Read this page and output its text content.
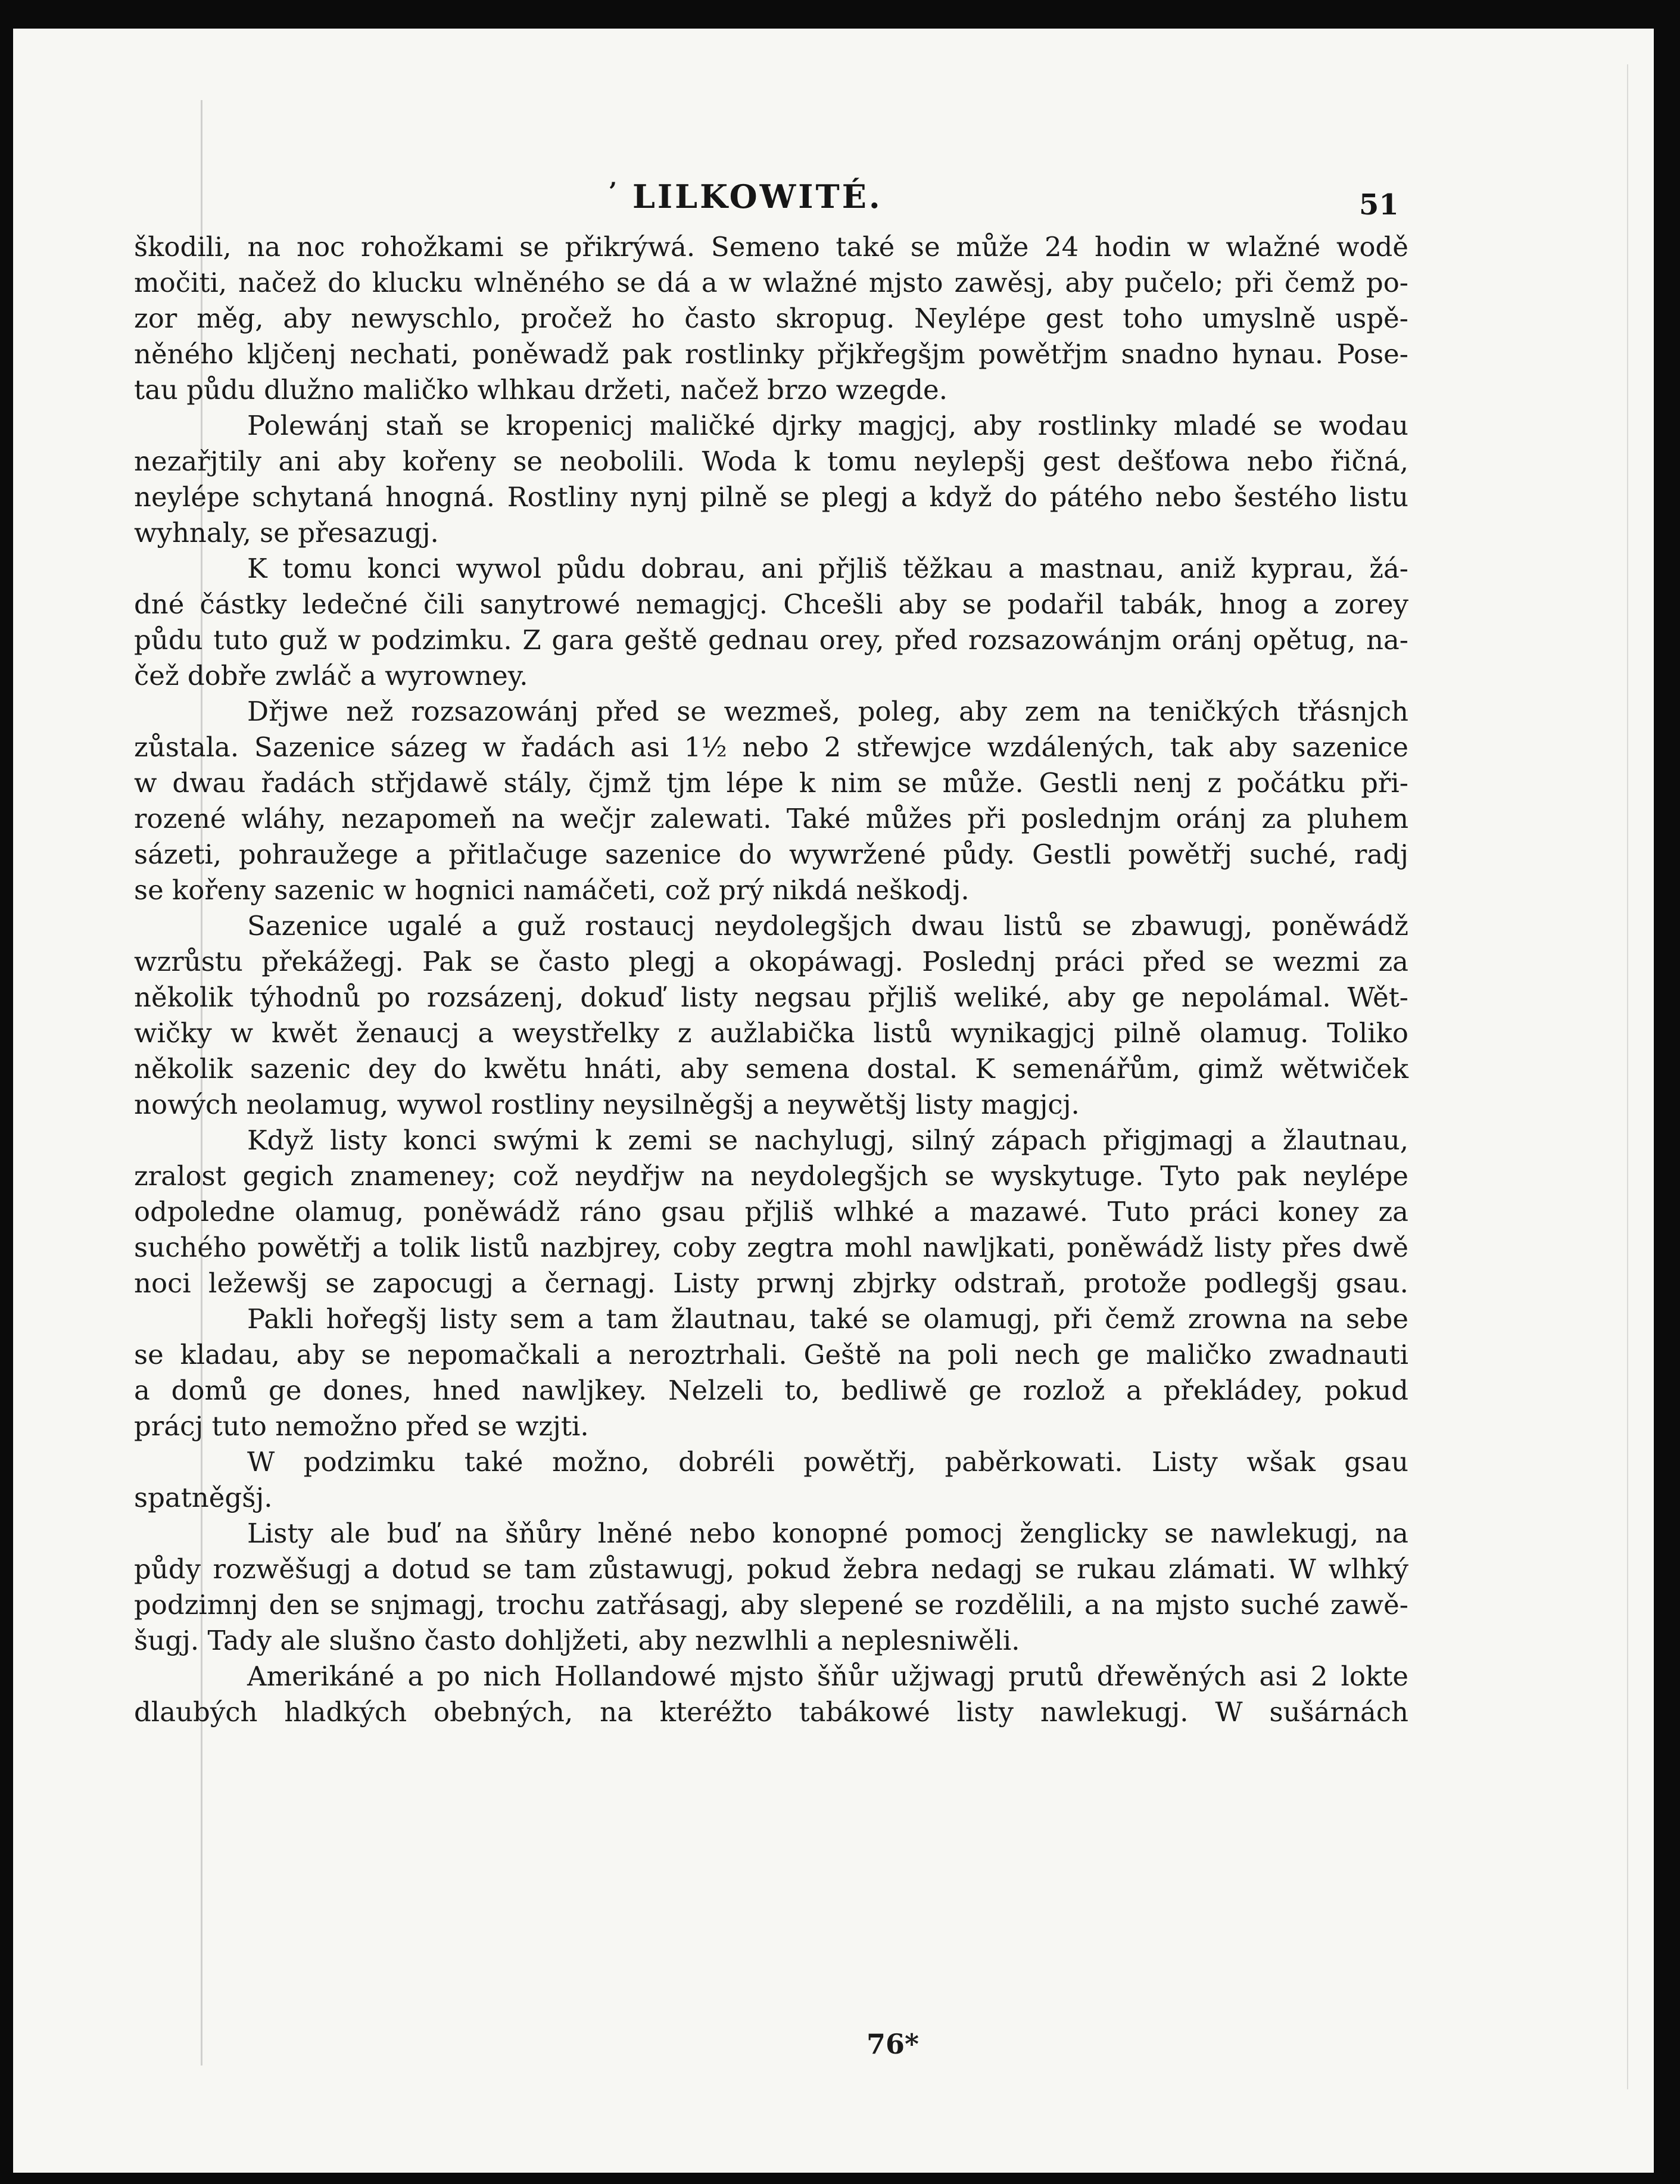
’ LILKOWITÉ.	51
škodili, na noc rohožkami se přikrýwá. Semeno také se může 24 hodin w wlažné wodě
močiti, načež do klucku wlněného se dá a w wlažné mjsto zawěsj, aby pučelo; při čemž po-
zor měg, aby newyschlo, pročež ho často skropug. Neylépe gest toho umyslně uspě-
něného kljčenj nechati, poněwadž pak rostlinky přjkřegšjm powětřjm snadno hynau. Pose-
tau půdu dlužno maličko wlhkau držeti, načež brzo wzegde.
Polewánj staň se kropenicj maličké djrky magjcj, aby rostlinky mladé se wodau
nezařjtily ani aby kořeny se neobolili. Woda k tomu neylepšj gest dešťowa nebo řičná,
neylépe schytaná hnogná. Rostliny nynj pilně se plegj a když do pátého nebo šestého listu
wyhnaly, se přesazugj.
K tomu konci wywol půdu dobrau, ani přjliš těžkau a mastnau, aniž kyprau, žá-
dné částky ledečné čili sanytrowé nemagjcj. Chcešli aby se podařil tabák, hnog a zorey
půdu tuto guž w podzimku. Z gara geště gednau orey, před rozsazowánjm oránj opětug, na-
čež dobře zwláč a wyrowney.
Dřjwe než rozsazowánj před se wezmeš, poleg, aby zem na teničkých třásnjch
zůstala. Sazenice sázeg w řadách asi 1½ nebo 2 střewjce wzdálených, tak aby sazenice
w dwau řadách střjdawě stály, čjmž tjm lépe k nim se může. Gestli nenj z počátku při-
rozené wláhy, nezapomeň na wečjr zalewati. Také můžes při poslednjm oránj za pluhem
sázeti, pohraužege a přitlačuge sazenice do wywržené půdy. Gestli powětřj suché, radj
se kořeny sazenic w hognici namáčeti, což prý nikdá neškodj.
Sazenice ugalé a guž rostaucj neydolegšjch dwau listů se zbawugj, poněwádž
wzrůstu překážegj. Pak se často plegj a okopáwagj. Poslednj práci před se wezmi za
několik týhodnů po rozsázenj, dokuď listy negsau přjliš weliké, aby ge nepolámal. Wět-
wičky w kwět ženaucj a weystřelky z aužlabička listů wynikagjcj pilně olamug. Toliko
několik sazenic dey do kwětu hnáti, aby semena dostal. K semenářům, gimž wětwiček
nowých neolamug, wywol rostliny neysilněgšj a neywětšj listy magjcj.
Když listy konci swými k zemi se nachylugj, silný zápach přigjmagj a žlautnau,
zralost gegich znameney; což neydřjw na neydolegšjch se wyskytuge. Tyto pak neylépe
odpoledne olamug, poněwádž ráno gsau přjliš wlhké a mazawé. Tuto práci koney za
suchého powětřj a tolik listů nazbjrey, coby zegtra mohl nawljkati, poněwádž listy přes dwě
noci ležewšj se zapocugj a černagj. Listy prwnj zbjrky odstraň, protože podlegšj gsau.
Pakli hořegšj listy sem a tam žlautnau, také se olamugj, při čemž zrowna na sebe
se kladau, aby se nepomačkali a neroztrhali. Geště na poli nech ge maličko zwadnauti
a domů ge dones, hned nawljkey. Nelzeli to, bedliwě ge rozlož a překládey, pokud
prácj tuto nemožno před se wzjti.
W podzimku také možno, dobréli powětřj, paběrkowati. Listy wšak gsau
spatněgšj.
Listy ale buď na šňůry lněné nebo konopné pomocj ženglicky se nawlekugj, na
půdy rozwěšugj a dotud se tam zůstawugj, pokud žebra nedagj se rukau zlámati. W wlhký
podzimnj den se snjmagj, trochu zatřásagj, aby slepené se rozdělili, a na mjsto suché zawě-
šugj. Tady ale slušno často dohljžeti, aby nezwlhli a neplesniwěli.
Amerikáné a po nich Hollandowé mjsto šňůr užjwagj prutů dřewěných asi 2 lokte
dlaubých hladkých obebných, na kteréžto tabákowé listy nawlekugj. W sušárnách
76*
